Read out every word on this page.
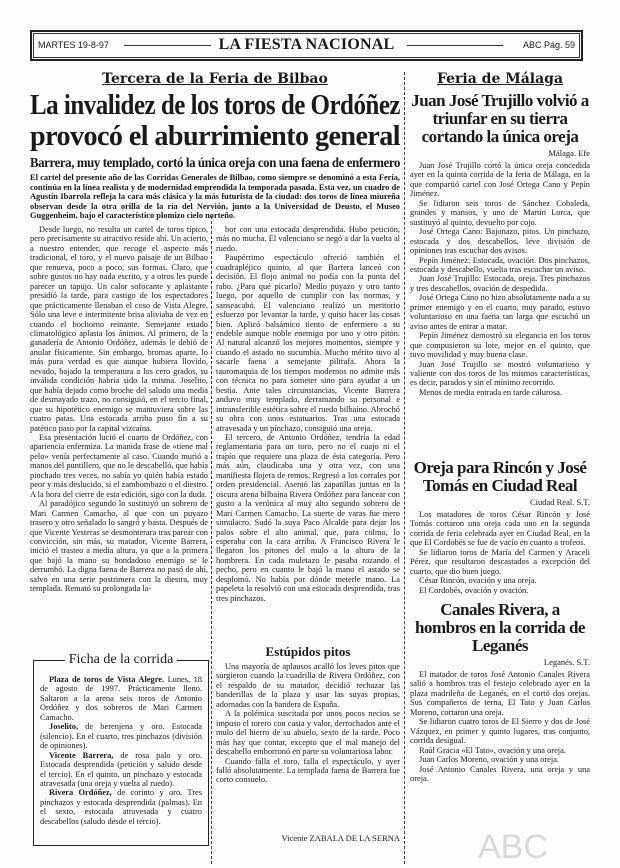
ABC
MARTES 19-8-97	LA FIESTA NACIONAL	ABC Pág. 59
Tercera de la Feria de Bilbao
La invalidez de los toros de Ordóñez
provocó el aburrimiento general
Barrera, muy templado, cortó la única oreja con una faena de enfermero
El cartel del presente año de las Corridas Generales de Bilbao, como siempre se denominó a esta Feria, continúa en la línea realista y de modernidad emprendida la temporada pasada. Esta vez, un cuadro de Agustín Ibarrola refleja la cara más clásica y la más futurista de la ciudad: dos toros de línea miureña observan desde la otra orilla de la ría del Nervión, junto a la Universidad de Deusto, el Museo Guggenheim, bajo el característico plomizo cielo norteño.

Desde luego, no resulta un cartel de toros típico, pero precisamente su atractivo reside ahí. Un acierto, a nuestro entender, que recoge el aspecto más tradicional, el toro, y el nuevo paisaje de un Bilbao que renueva, poco a poco, sus formas. Claro, que sobre gustos no hay nada escrito, y a otros les puede parecer un tapujo. Un calor sofocante y aplastante presidió la tarde, para castigo de los espectadores que prácticamente llenaban el coso de Vista Alegre. Sólo una leve e intermitente brisa aliviaba de vez en cuando el bochorno reinante. Semejante estado climatológico aplasta los ánimos. Al primero, de la ganadería de Antonio Ordóñez, además le debió de anular físicamente. Sin embargo, bromas aparte, lo más pura verdad es que aunque hubiera llovido, nevado, bajado la temperatura a los cero grados, su inválida condición habría sido la misma. Joselito, que había dejado como broche del saludo una media de desmayado trazo, no consiguió, en el tercio final, que su hipotético enemigo se mantuviera sobre las cuatro patas. Una estocada arriba puso fin a su patético paso por la capital vizcaína.

Esa presentación lució el cuarto de Ordóñez, con apariencia enfermiza. La manida frase de «tiene mal pelo» venía perfectamente al caso. Cuando murió a manos del puntillero, que no le descabelló, que había pinchado tres veces, no sabía yo quién había estado peor y más deslucido, si el zambombazo o el diestro. A la hora del cierre de esta edición, sigo con la duda.

Al paradójico segundo lo sustituyó un sobrero de Mari Carmen Camacho, al que con un puyazo trasero y otro señalado lo sangró y basta. Después de que Vicente Yesteras se desmonterara tras parear con convicción, sin más, su matador, Vicente Barrera, inició el trasteo a media altura, ya que a la primera que bajó la mano su bondadoso enemigo se le derrumbó. La digna faena de Barrera no pasó de ahí, salvo en una serie postrimera con la diestra, muy templada. Remató su prolongada la-

bor con una estocada desprendida. Hubo petición, más no mucha. El valenciano se negó a dar la vuelta al ruedo.

Paupérrimo espectáculo ofreció también el cuadrapléjico quinto, al que Barrera lanceó con decisión. El flojo animal no podía con la punta del rabo. ¿Para qué picarlo? Medio puyazo y otro tanto luego, por aquello de cumplir con las normas, y sanseacabó. El valenciano realizó un meritorio esfuerzo por levantar la tarde, y quiso hacer las cosas bien. Aplicó balsámico tiento de enfermero a su endeble aunque noble enemigo por uno y otro pitón. Al natural alcanzó los mejores momentos, siempre y cuando el astado no sucumbía. Mucho mérito tuvo al sacarle faena a semejante piltrafa. Ahora la tauromaquia de los tiempos modernos no admite más con técnica no para someter sino para ayudar a un bestia. Ante tales circunstancias, Vicente Barrera anduvo muy templado, derramando su personal e intransferible estética sobre el ruedo bilbaíno. Abrochó su obra con unos estatuarios. Tras una estocada atravesada y un pinchazo, consiguió una oreja.

El tercero, de Antonio Ordóñez, tendría la edad reglamentaria para un toro, pero no el cuajo ni el trapío que requiere una plaza de ésta categoría. Pero más aún, claudicaba una y otra vez, con una manifiesta flojera de remos. Regresó a los corrales por orden presidencial. Asentó las zapatillas juntas en la oscura arena bilbaína Rivera Ordóñez para lancear con gusto a la verónica al muy alto segundo sobrero de Mari Carmen Camacho. La suerte de varas fue mero simulacro. Sudó la suya Paco Alcalde para dejar los palos sobre el alto animal, que, para colmo, lo esperaba con la cara arriba. A Francisco Rivera le llegaron los pitones del mulo a la altura de la hombrera. En cada muletazo le pasaba rozando el pecho, pero en cuanto le bajó la mano el astado se desplomó. No había por dónde meterle mano. La papeleta la resolvió con una estocada desprendida, tras tres pinchazos.

Ficha de la corrida

Plaza de toros de Vista Alegre. Lunes, 18 de agosto de 1997. Prácticamente lleno. Saltaron a la arena seis toros de Antonio Ordóñez y dos sobreros de Mari Carmen Camacho.

Joselito, de berenjena y oro. Estocada (silencio). En el cuarto, tres pinchazos (división de opiniones).

Vicente Barrera, de rosa palo y oro. Estocada desprendida (petición y saludo desde el tercio). En el quinto, un pinchazo y estocada atravesada (una oreja y vuelta al ruedo).

Rivera Ordóñez, de corinto y oro. Tres pinchazos y estocada desprendida (palmas). En el sexto, estocada atravesada y cuatro descabellos (saludo desde el tercio).

Estúpidos pitos

Una mayoría de aplausos acalló los leves pitos que surgieron cuando la cuadrilla de Rivera Ordóñez, con el respaldo de su matador, decidió rechazar las banderillas de la plaza y usar las suyas propias, adornadas con la bandera de España.

A la polémica suscitada por unos pocos necios se impuso el torero con casta y valor, derrochados ante el mulo del hierro de su abuelo, sexto de la tarde. Poco más hay que contar, excepto que el mal manejo del descabello emborronó en parte su voluntariosa labor.

Cuando falla el toro, falla el espectáculo, y ayer falló absolutamente. La templada faena de Barrera fue corto consuelo.

Vicente ZABALA DE LA SERNA
Feria de Málaga
Juan José Trujillo volvió a triunfar en su tierra cortando la única oreja
Málaga. Efe

Juan José Trujillo cortó la única oreja concedida ayer en la quinta corrida de la feria de Málaga, en la que compartió cartel con José Ortega Cano y Pepín Jiménez.

Se lidiaron seis toros de Sánchez Cobaleda, grandes y mansos, y uno de Martín Lorca, que sustituyó al quinto, devuelto por cojo.

José Ortega Cano: Bajonazo, pitos. Un pinchazo, estocada y dos descabellos, leve división de opiniones tras escuchar dos avisos.

Pepín Jiménez: Estocada, ovación. Dos pinchazos, estocada y descabello, vuelta tras escuchar un aviso.

Juan José Trujillo: Estocada, oreja. Tres pinchazos y tres descabellos, ovación de despedida.

José Ortega Cano no hizo absolutamente nada a su primer enemigo y en el cuarto, muy parado, estuvo voluntarioso en una faena tan larga que escuchó un aviso antes de entrar a matar.

Pepín Jiménez demostró su elegancia en los toros que compusieron su lote, mejor en el quinto, que tuvo movilidad y muy buena clase.

Juan José Trujillo se mostró voluntarioso y valiente con dos toros de los mismos características, es decir, parados y sin el mínimo recorrido.

Menos de media entrada en tarde calurosa.

Oreja para Rincón y José Tomás en Ciudad Real
Ciudad Real. S.T.

Los matadores de toros César Rincón y José Tomás cortaron una oreja cada uno en la segunda corrida de feria celebrada ayer en Ciudad Real, en la que El Cordobés se fue de vacío en cuanto a trofeos.

Se lidiaron toros de María del Carmen y Araceli Pérez, que resultaron descastados a excepción del cuarto, que dio buen juego.

César Rincón, ovación y una oreja.

El Cordobés, ovación y ovación.

Canales Rivera, a hombros en la corrida de Leganés
Leganés. S.T.

El matador de toros José Antonio Canales Rivera salió a hombros tras el festejo celebrado ayer en la plaza madrileña de Leganés, en el cortó dos orejas. Sus compañeros de terna, El Tato y Juan Carlos Moreno, cortaron una oreja.

Se lidiaron cuatro toros de El Sierro y dos de José Vázquez, en primer y quinto lugares, tras conjunto, corrida desigual.

Raúl Gracia «El Tato», ovación y una oreja.

Juan Carlos Moreno, ovación y una oreja.

José Antonio Canales Rivera, una oreja y una oreja.
